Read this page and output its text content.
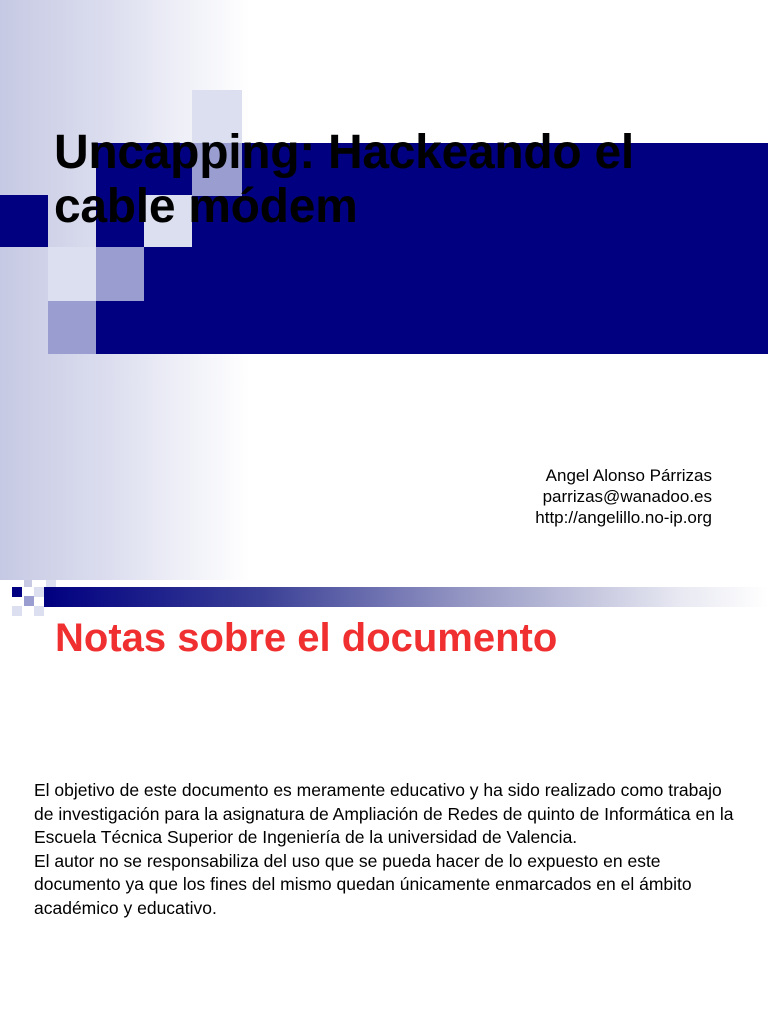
Uncapping: Hackeando el cable módem
Angel Alonso Párrizas
parrizas@wanadoo.es
http://angelillo.no-ip.org
Notas sobre el documento

El objetivo de este documento es meramente educativo y ha sido realizado como trabajo de investigación para la asignatura de Ampliación de Redes de quinto de Informática en la Escuela Técnica Superior de Ingeniería de la universidad de Valencia.

El autor no se responsabiliza del uso que se pueda hacer de lo expuesto en este documento ya que los fines del mismo quedan únicamente enmarcados en el ámbito académico y educativo.
